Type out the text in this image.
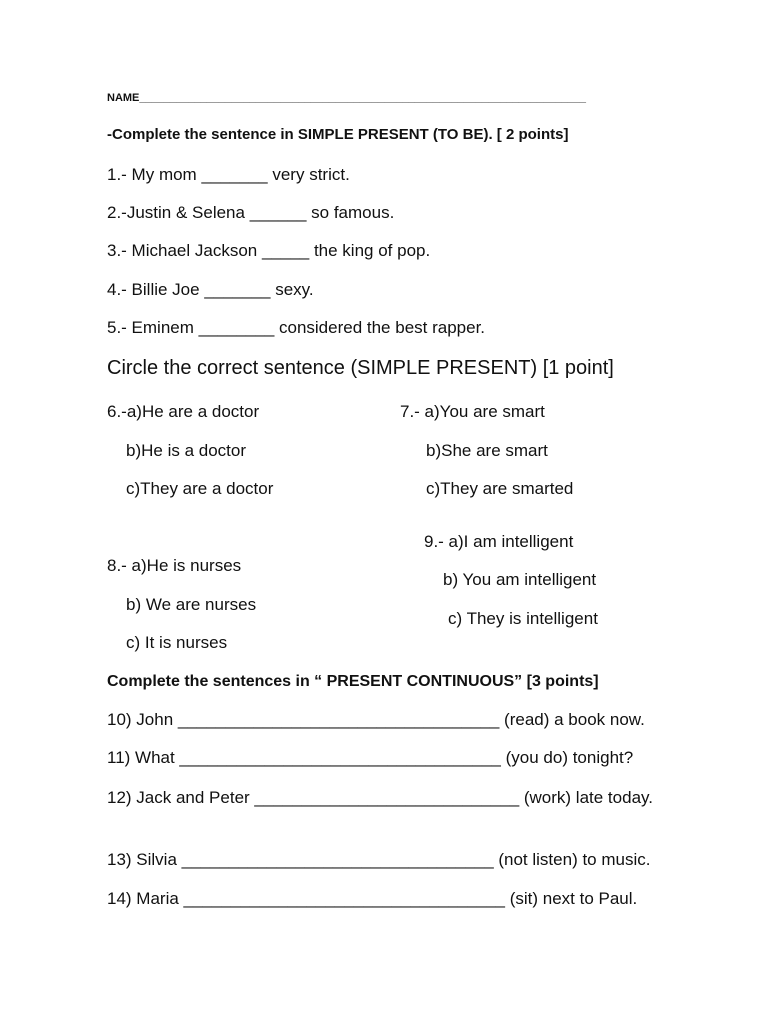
NAME_________________________________________________________________________
-Complete the sentence in SIMPLE PRESENT (TO BE). [ 2 points]
1.- My mom _______ very strict.
2.-Justin & Selena ______ so famous.
3.- Michael Jackson _____ the king of pop.
4.- Billie Joe _______ sexy.
5.- Eminem ________ considered the best rapper.
Circle the correct sentence (SIMPLE PRESENT) [1 point]
6.-a)He are a doctor
b)He is a doctor
c)They are a doctor
7.- a)You are smart
b)She are smart
c)They are smarted
9.- a)I am intelligent
b) You am intelligent
c) They is intelligent
8.- a)He is nurses
b) We are nurses
c) It is nurses
Complete the sentences in “ PRESENT CONTINUOUS” [3 points]
10) John __________________________________ (read) a book now.
11) What __________________________________ (you do) tonight?
12) Jack and Peter ____________________________ (work) late today.
13) Silvia _________________________________ (not listen) to music.
14) Maria __________________________________ (sit) next to Paul.
